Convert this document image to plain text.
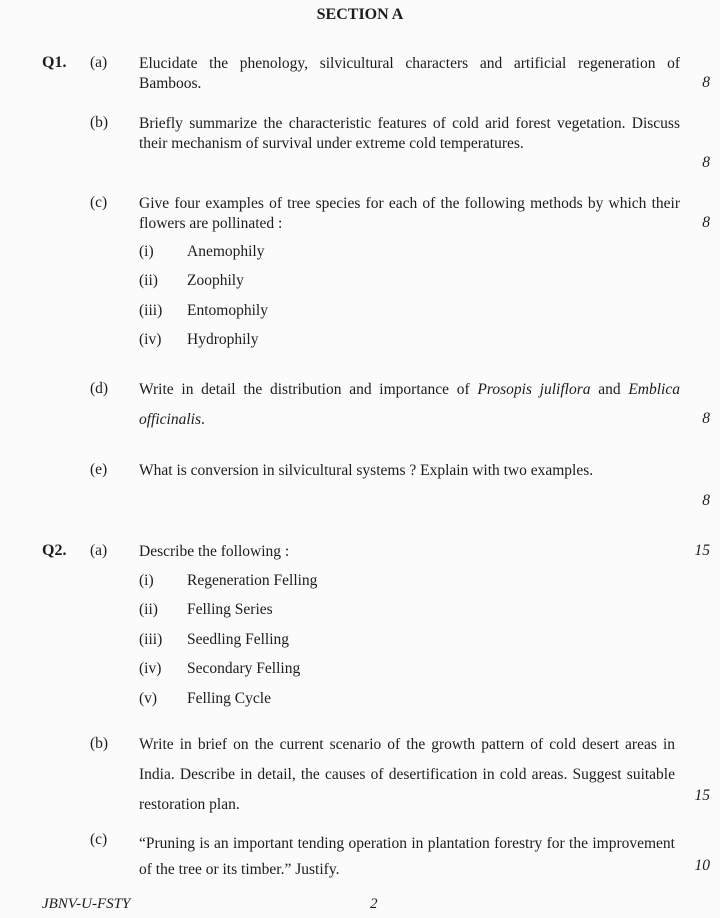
SECTION A
Q1. (a) Elucidate the phenology, silvicultural characters and artificial regeneration of Bamboos.	8
(b) Briefly summarize the characteristic features of cold arid forest vegetation. Discuss their mechanism of survival under extreme cold temperatures.
8
(c) Give four examples of tree species for each of the following methods by which their flowers are pollinated :	8
(i) Anemophily
(ii) Zoophily
(iii) Entomophily
(iv) Hydrophily
(d) Write in detail the distribution and importance of Prosopis juliflora and Emblica officinalis.	8
(e) What is conversion in silvicultural systems ? Explain with two examples.
8
Q2. (a) Describe the following :	15
(i) Regeneration Felling
(ii) Felling Series
(iii) Seedling Felling
(iv) Secondary Felling
(v) Felling Cycle
(b) Write in brief on the current scenario of the growth pattern of cold desert areas in India. Describe in detail, the causes of desertification in cold areas. Suggest suitable restoration plan.
15
(c) “Pruning is an important tending operation in plantation forestry for the improvement of the tree or its timber.” Justify.	10
JBNV-U-FSTY	2
